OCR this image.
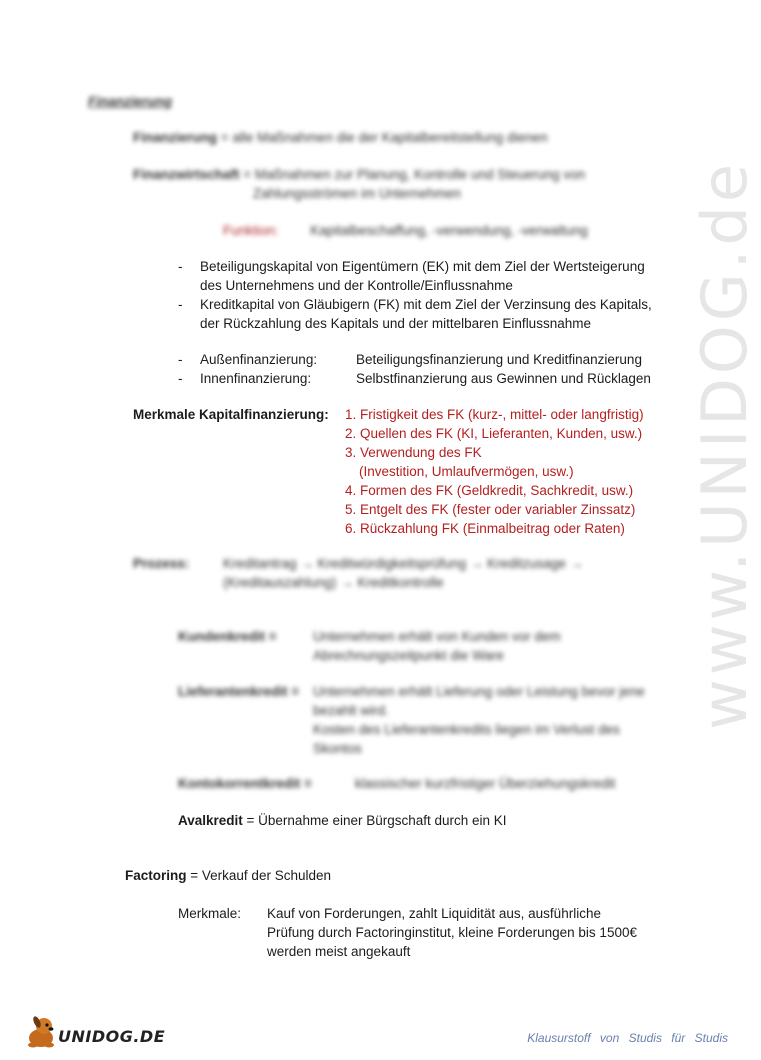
www.UNIDOG.de
Finanzierung
Finanzierung = alle Maßnahmen die der Kapitalbereitstellung dienen
Finanzwirtschaft = Maßnahmen zur Planung, Kontrolle und Steuerung von
Zahlungsströmen im Unternehmen
Funktion: Kapitalbeschaffung, -verwendung, -verwaltung
- Beteiligungskapital von Eigentümern (EK) mit dem Ziel der Wertsteigerung
des Unternehmens und der Kontrolle/Einflussnahme
- Kreditkapital von Gläubigern (FK) mit dem Ziel der Verzinsung des Kapitals,
der Rückzahlung des Kapitals und der mittelbaren Einflussnahme
- Außenfinanzierung:	Beteiligungsfinanzierung und Kreditfinanzierung
- Innenfinanzierung:	Selbstfinanzierung aus Gewinnen und Rücklagen
Merkmale Kapitalfinanzierung: 1. Fristigkeit des FK (kurz-, mittel- oder langfristig)
2. Quellen des FK (KI, Lieferanten, Kunden, usw.)
3. Verwendung des FK
(Investition, Umlaufvermögen, usw.)
4. Formen des FK (Geldkredit, Sachkredit, usw.)
5. Entgelt des FK (fester oder variabler Zinssatz)
6. Rückzahlung FK (Einmalbeitrag oder Raten)
Prozess: Kreditantrag → Kreditwürdigkeitsprüfung → Kreditzusage →
(Kreditauszahlung) → Kreditkontrolle
Kundenkredit =	Unternehmen erhält von Kunden vor dem
Abrechnungszeitpunkt die Ware
Lieferantenkredit = Unternehmen erhält Lieferung oder Leistung bevor jene
bezahlt wird.
Kosten des Lieferantenkredits liegen im Verlust des
Skontos
Kontokorrentkredit =	klassischer kurzfristiger Überziehungskredit
Avalkredit = Übernahme einer Bürgschaft durch ein KI
Factoring = Verkauf der Schulden
Merkmale: Kauf von Forderungen, zahlt Liquidität aus, ausführliche
Prüfung durch Factoringinstitut, kleine Forderungen bis 1500€
werden meist angekauft
UNIDOG.DE	Klausurstoff von Studis für Studis
